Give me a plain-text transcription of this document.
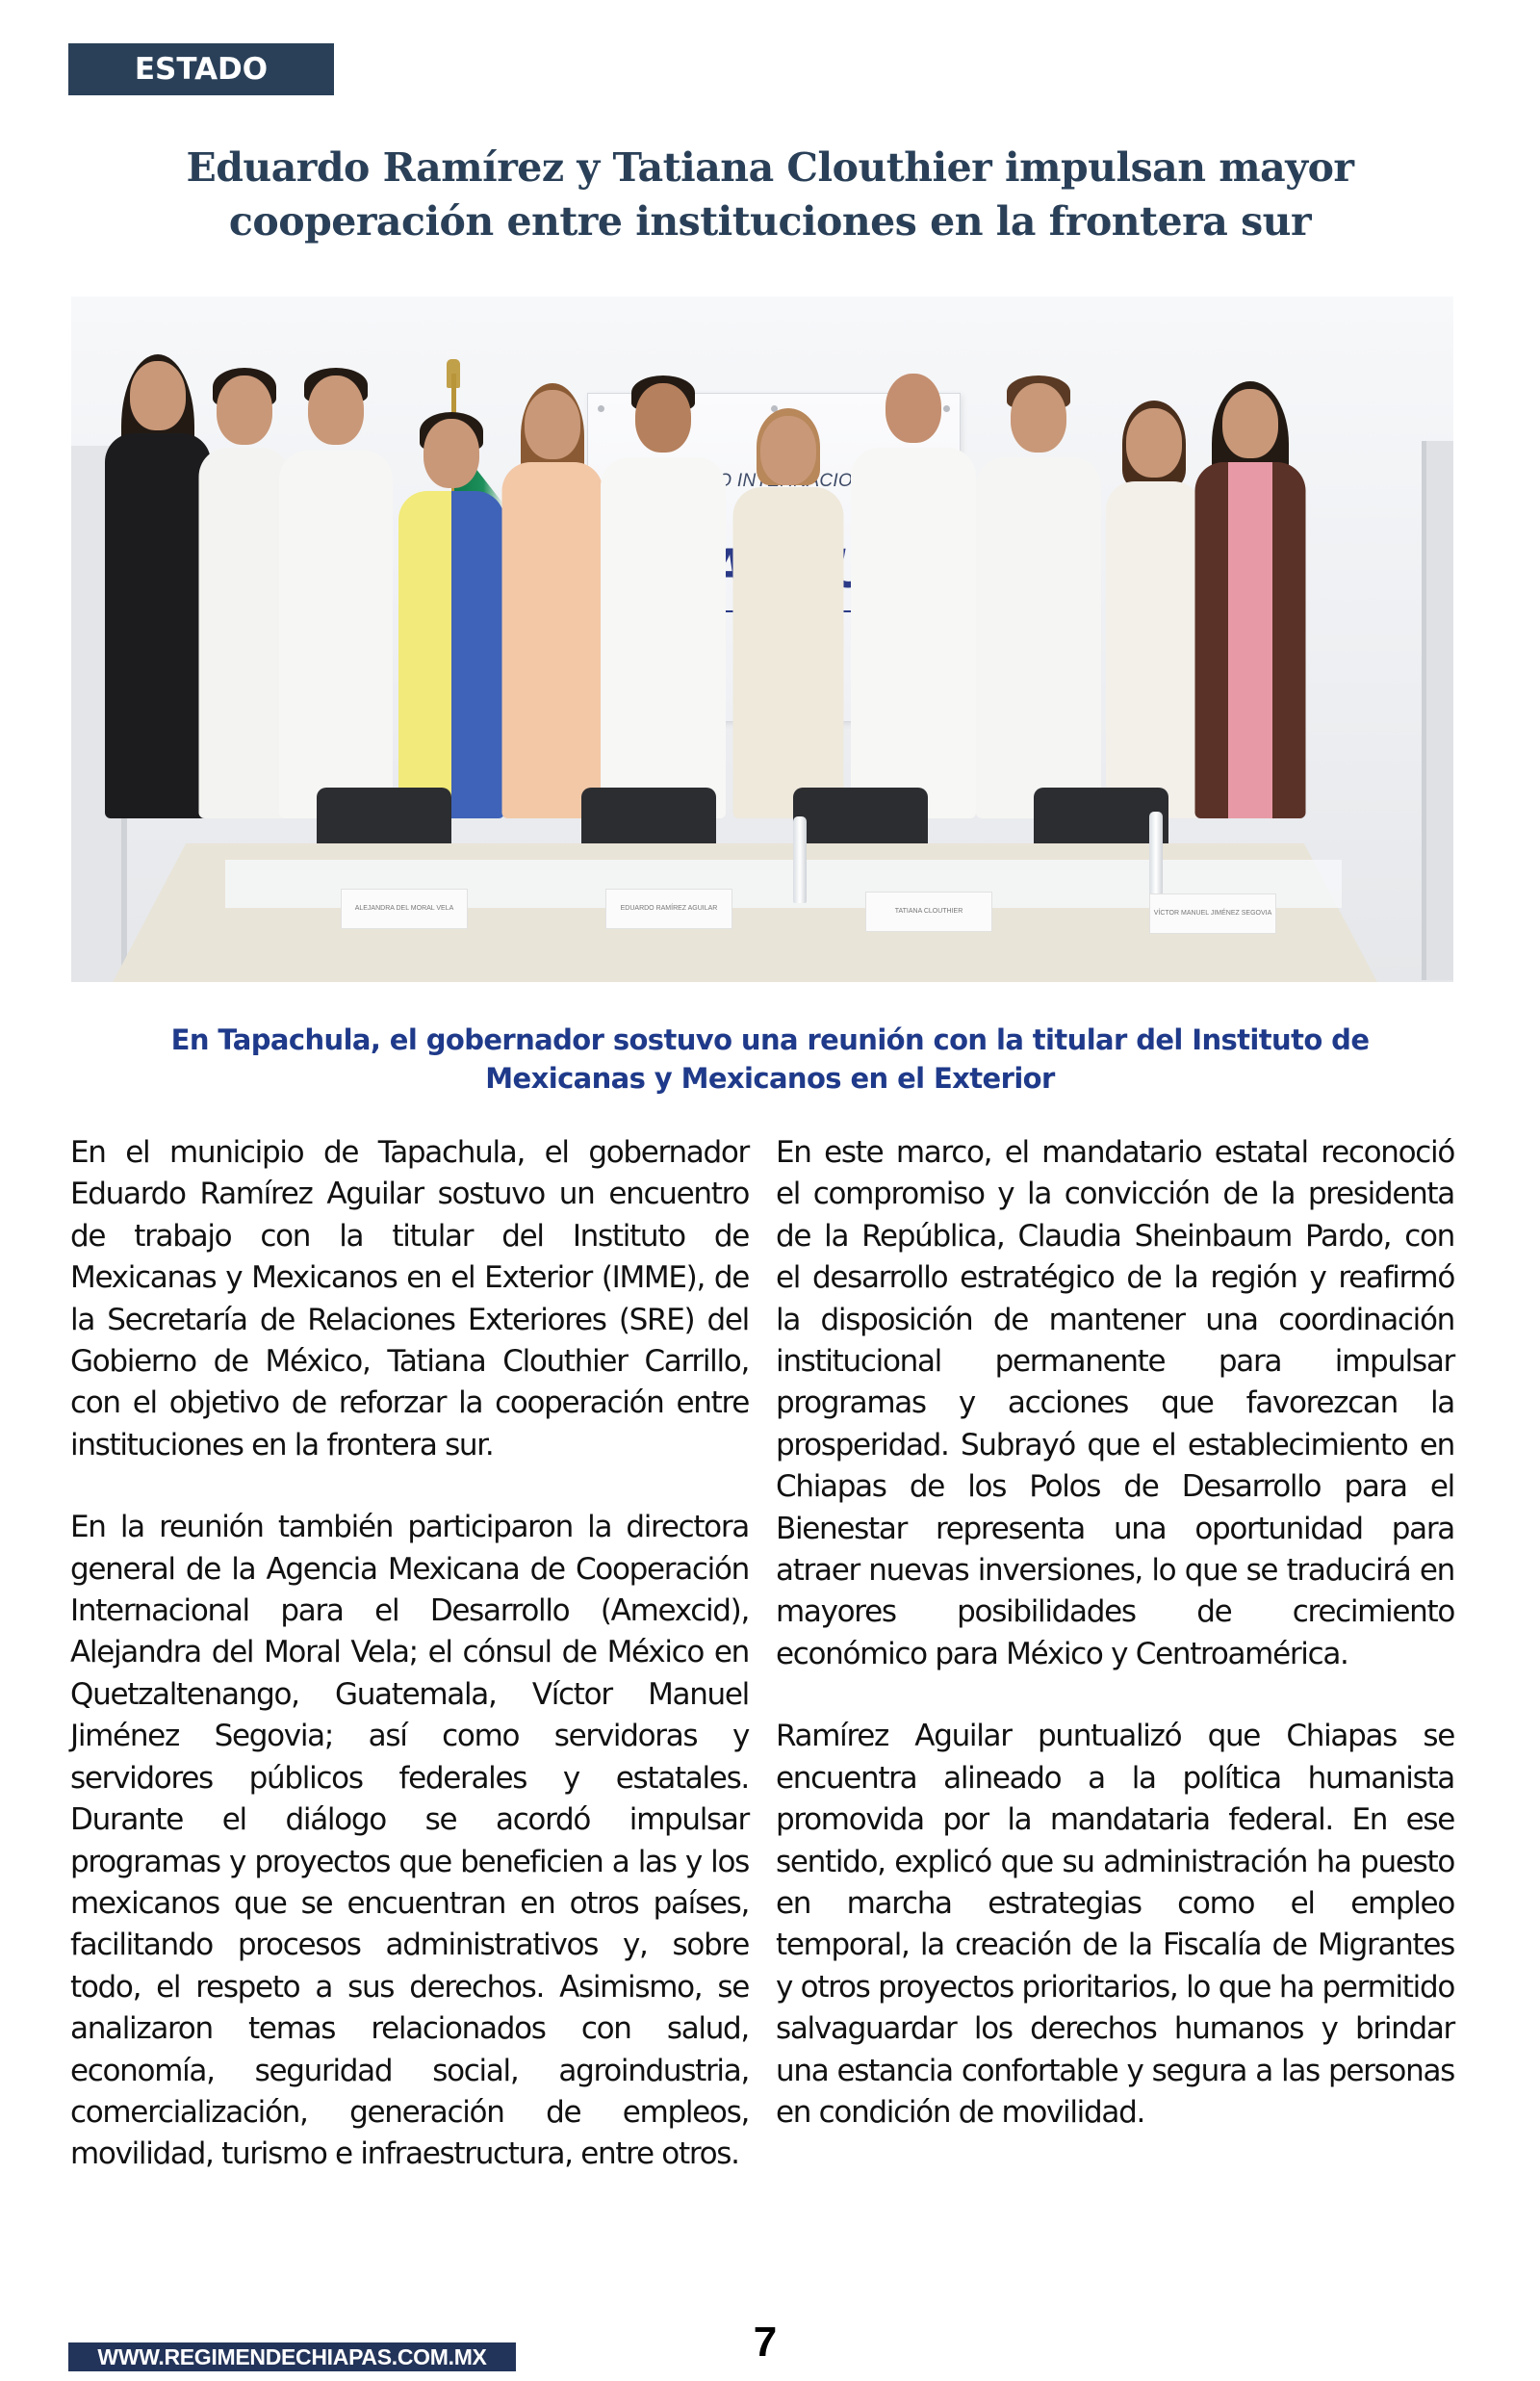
ESTADO
Eduardo Ramírez y Tatiana Clouthier impulsan mayor cooperación entre instituciones en la frontera sur
ALEJANDRA DEL MORAL VELA	EDUARDO RAMÍREZ AGUILAR	TATIANA CLOUTHIER	VÍCTOR MANUEL JIMÉNEZ SEGOVIA
En Tapachula, el gobernador sostuvo una reunión con la titular del Instituto de Mexicanas y Mexicanos en el Exterior

En el municipio de Tapachula, el gobernador Eduardo Ramírez Aguilar sostuvo un encuentro de trabajo con la titular del Instituto de Mexicanas y Mexicanos en el Exterior (IMME), de la Secretaría de Relaciones Exteriores (SRE) del Gobierno de México, Tatiana Clouthier Carrillo, con el objetivo de reforzar la cooperación entre instituciones en la frontera sur.

En la reunión también participaron la directora general de la Agencia Mexicana de Cooperación Internacional para el Desarrollo (Amexcid), Alejandra del Moral Vela; el cónsul de México en Quetzaltenango, Guatemala, Víctor Manuel Jiménez Segovia; así como servidoras y servidores públicos federales y estatales. Durante el diálogo se acordó impulsar programas y proyectos que beneficien a las y los mexicanos que se encuentran en otros países, facilitando procesos administrativos y, sobre todo, el respeto a sus derechos. Asimismo, se analizaron temas relacionados con salud, economía, seguridad social, agroindustria, comercialización, generación de empleos, movilidad, turismo e infraestructura, entre otros.

En este marco, el mandatario estatal reconoció el compromiso y la convicción de la presidenta de la República, Claudia Sheinbaum Pardo, con el desarrollo estratégico de la región y reafirmó la disposición de mantener una coordinación institucional permanente para impulsar programas y acciones que favorezcan la prosperidad. Subrayó que el establecimiento en Chiapas de los Polos de Desarrollo para el Bienestar representa una oportunidad para atraer nuevas inversiones, lo que se traducirá en mayores posibilidades de crecimiento económico para México y Centroamérica.

Ramírez Aguilar puntualizó que Chiapas se encuentra alineado a la política humanista promovida por la mandataria federal. En ese sentido, explicó que su administración ha puesto en marcha estrategias como el empleo temporal, la creación de la Fiscalía de Migrantes y otros proyectos prioritarios, lo que ha permitido salvaguardar los derechos humanos y brindar una estancia confortable y segura a las personas en condición de movilidad.

WWW.REGIMENDECHIAPAS.COM.MX	7
